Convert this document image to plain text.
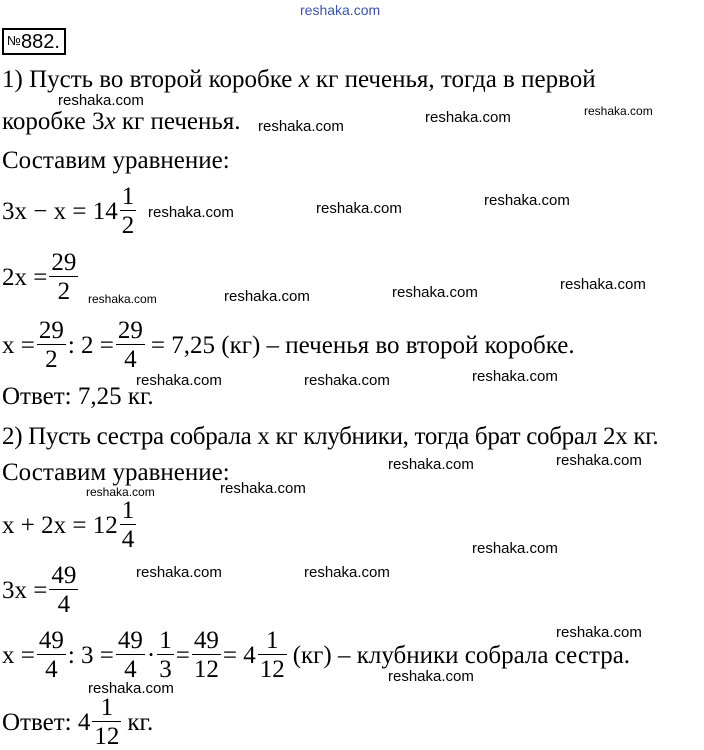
reshaka.com
№882.
1) Пусть во второй коробке x кг печенья, тогда в первой
коробке 3x кг печенья.
Составим уравнение:
$3x - x = 14 \frac{1}{2}$
$2x = \frac{29}{2}$
$x = \frac{29}{2}$ : $2 = \frac{29}{4} = 7,25$ (кг) – печенья во второй коробке.
Ответ: 7,25 кг.
2) Пусть сестра собрала x кг клубники, тогда брат собрал 2x кг.
Составим уравнение:
$x + 2x = 12 \frac{1}{4}$
$3x = \frac{49}{4}$
$x = \frac{49}{4}$ : $3 = \frac{49}{4} \cdot \frac{1}{3} = \frac{49}{12} = 4 \frac{1}{12} (кг)$ – клубники собрала сестра.
Ответ: $4 \frac{1}{12}$ кг.
reshaka.com
reshaka.com
reshaka.com	reshaka.com
reshaka.com	reshaka.com	reshaka.com
reshaka.com	reshaka.com	reshaka.com	reshaka.com
reshaka.com	reshaka.com	reshaka.com
reshaka.com	reshaka.com
reshaka.com	reshaka.com
reshaka.com
reshaka.com	reshaka.com
reshaka.com
reshaka.com
reshaka.com
